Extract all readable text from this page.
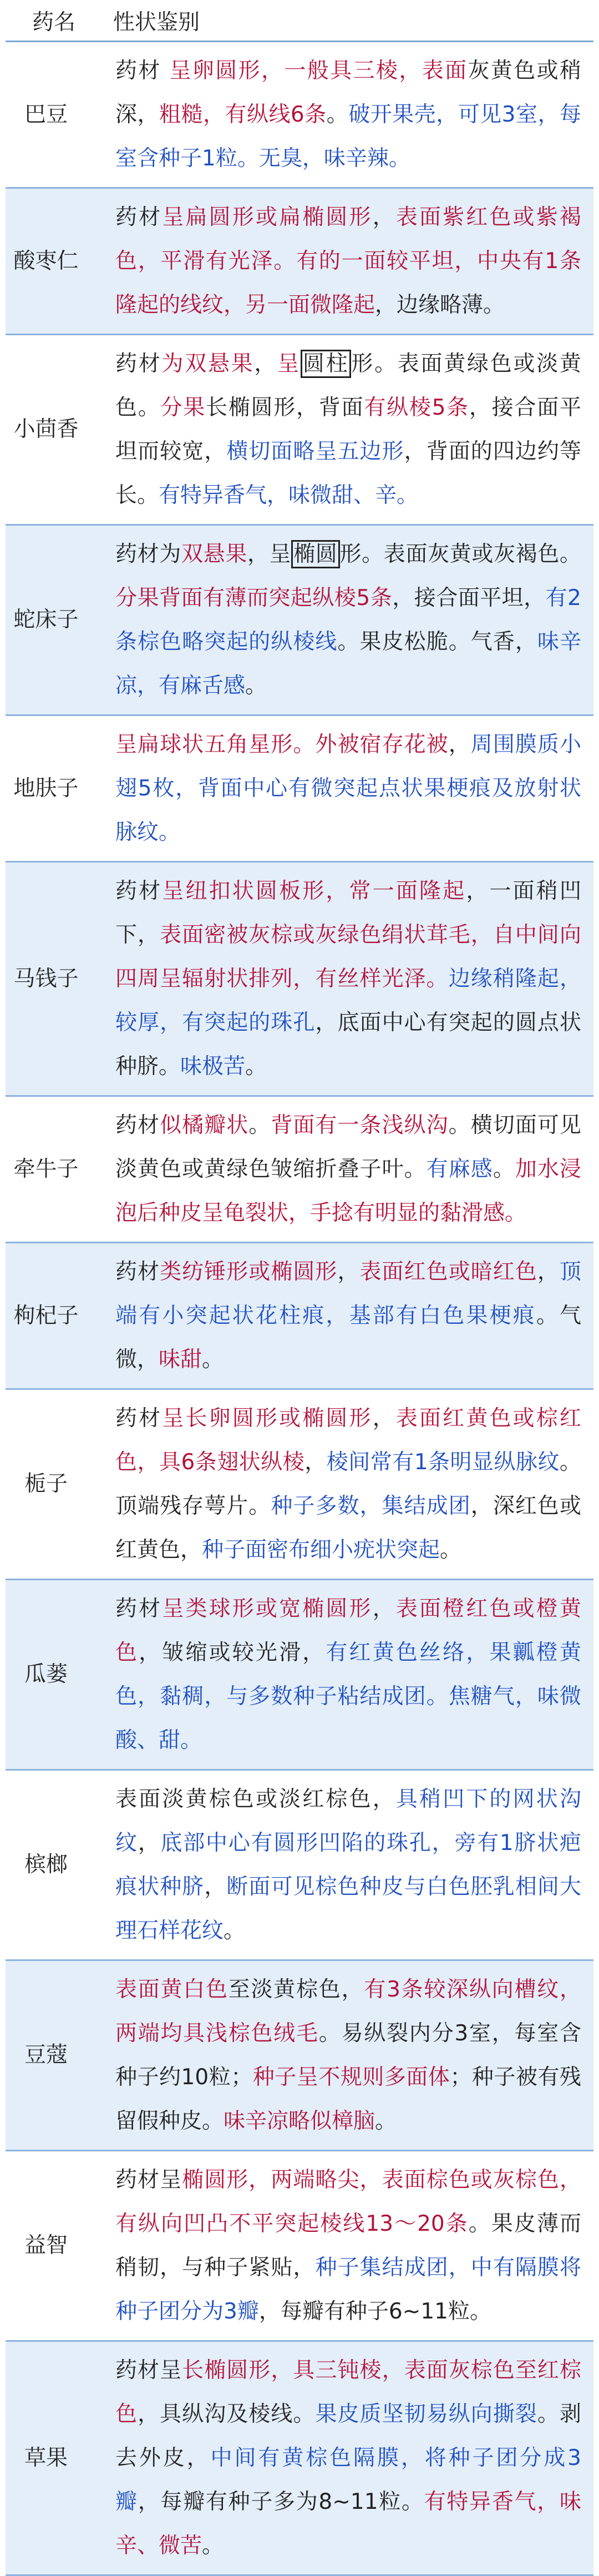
药名	性状鉴别
巴豆	药材 呈卵圆形，一般具三棱，表面灰黄色或稍深，粗糙，有纵线6条。破开果壳，可见3室，每室含种子1粒。无臭，味辛辣。
酸枣仁	药材呈扁圆形或扁椭圆形，表面紫红色或紫褐色，平滑有光泽。有的一面较平坦，中央有1条隆起的线纹，另一面微隆起，边缘略薄。
小茴香	药材为双悬果，呈 圆柱 形。表面黄绿色或淡黄色。分果长椭圆形，背面有纵棱5条，接合面平坦而较宽，横切面略呈五边形，背面的四边约等长。有特异香气，味微甜、辛。
蛇床子	药材为双悬果，呈 椭圆 形。表面灰黄或灰褐色。分果背面有薄而突起纵棱5条，接合面平坦，有2条棕色略突起的纵棱线。果皮松脆。气香，味辛凉，有麻舌感。
地肤子	呈扁球状五角星形。外被宿存花被，周围膜质小翅5枚，背面中心有微突起点状果梗痕及放射状脉纹。
马钱子	药材呈纽扣状圆板形，常一面隆起，一面稍凹下，表面密被灰棕或灰绿色绢状茸毛，自中间向四周呈辐射状排列，有丝样光泽。边缘稍隆起，较厚，有突起的珠孔，底面中心有突起的圆点状种脐。味极苦。
牵牛子	药材似橘瓣状。背面有一条浅纵沟。横切面可见淡黄色或黄绿色皱缩折叠子叶。有麻感。加水浸泡后种皮呈龟裂状，手捻有明显的黏滑感。
枸杞子	药材类纺锤形或椭圆形，表面红色或暗红色，顶端有小突起状花柱痕，基部有白色果梗痕。气微，味甜。
栀子	药材呈长卵圆形或椭圆形，表面红黄色或棕红色，具6条翅状纵棱，棱间常有1条明显纵脉纹。顶端残存萼片。种子多数，集结成团，深红色或红黄色，种子面密布细小疣状突起。
瓜蒌	药材呈类球形或宽椭圆形，表面橙红色或橙黄色，皱缩或较光滑，有红黄色丝络，果瓤橙黄色，黏稠，与多数种子粘结成团。焦糖气，味微酸、甜。
槟榔	表面淡黄棕色或淡红棕色，具稍凹下的网状沟纹，底部中心有圆形凹陷的珠孔，旁有1脐状疤痕状种脐，断面可见棕色种皮与白色胚乳相间大理石样花纹。
豆蔻	表面黄白色至淡黄棕色，有3条较深纵向槽纹，两端均具浅棕色绒毛。易纵裂内分3室，每室含种子约10粒；种子呈不规则多面体；种子被有残留假种皮。味辛凉略似樟脑。
益智	药材呈椭圆形，两端略尖，表面棕色或灰棕色，有纵向凹凸不平突起棱线13～20条。果皮薄而稍韧，与种子紧贴，种子集结成团，中有隔膜将种子团分为3瓣，每瓣有种子6~11粒。
草果	药材呈长椭圆形，具三钝棱，表面灰棕色至红棕色，具纵沟及棱线。果皮质坚韧易纵向撕裂。剥去外皮，中间有黄棕色隔膜，将种子团分成3瓣，每瓣有种子多为8~11粒。有特异香气，味辛、微苦。
